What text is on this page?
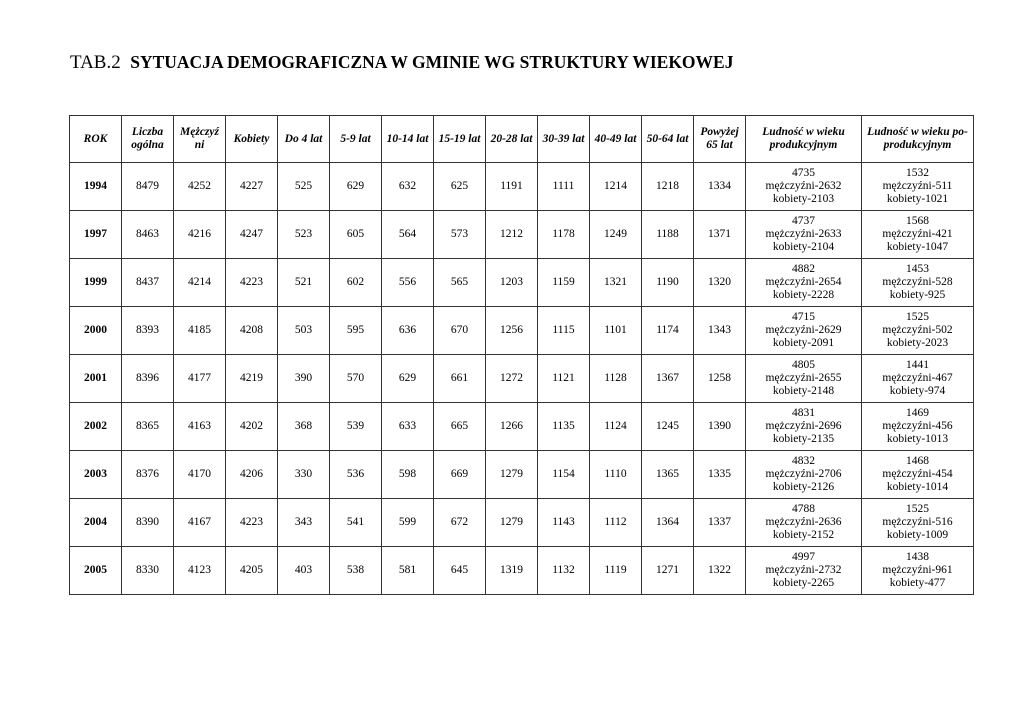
TAB.2 SYTUACJA DEMOGRAFICZNA W GMINIE WG STRUKTURY WIEKOWEJ
ROK	Liczba
ogólna	Mężczyź
ni	Kobiety	Do 4 lat	5-9 lat	10-14 lat	15-19 lat	20-28 lat	30-39 lat	40-49 lat	50-64 lat	Powyżej
65 lat	Ludność w wieku
produkcyjnym	Ludność w wieku po-
produkcyjnym

1994	8479	4252	4227	525	629	632	625	1191	1111	1214	1218	1334	4735
mężczyźni-2632
kobiety-2103	1532
mężczyźni-511
kobiety-1021

1997	8463	4216	4247	523	605	564	573	1212	1178	1249	1188	1371	4737
mężczyźni-2633
kobiety-2104	1568
mężczyźni-421
kobiety-1047

1999	8437	4214	4223	521	602	556	565	1203	1159	1321	1190	1320	4882
mężczyźni-2654
kobiety-2228	1453
mężczyźni-528
kobiety-925

2000	8393	4185	4208	503	595	636	670	1256	1115	1101	1174	1343	4715
mężczyźni-2629
kobiety-2091	1525
mężczyźni-502
kobiety-2023

2001	8396	4177	4219	390	570	629	661	1272	1121	1128	1367	1258	4805
mężczyźni-2655
kobiety-2148	1441
mężczyźni-467
kobiety-974

2002	8365	4163	4202	368	539	633	665	1266	1135	1124	1245	1390	4831
mężczyźni-2696
kobiety-2135	1469
mężczyźni-456
kobiety-1013

2003	8376	4170	4206	330	536	598	669	1279	1154	1110	1365	1335	4832
mężczyźni-2706
kobiety-2126	1468
mężczyźni-454
kobiety-1014

2004	8390	4167	4223	343	541	599	672	1279	1143	1112	1364	1337	4788
mężczyźni-2636
kobiety-2152	1525
mężczyźni-516
kobiety-1009

2005	8330	4123	4205	403	538	581	645	1319	1132	1119	1271	1322	4997
mężczyźni-2732
kobiety-2265	1438
mężczyźni-961
kobiety-477
